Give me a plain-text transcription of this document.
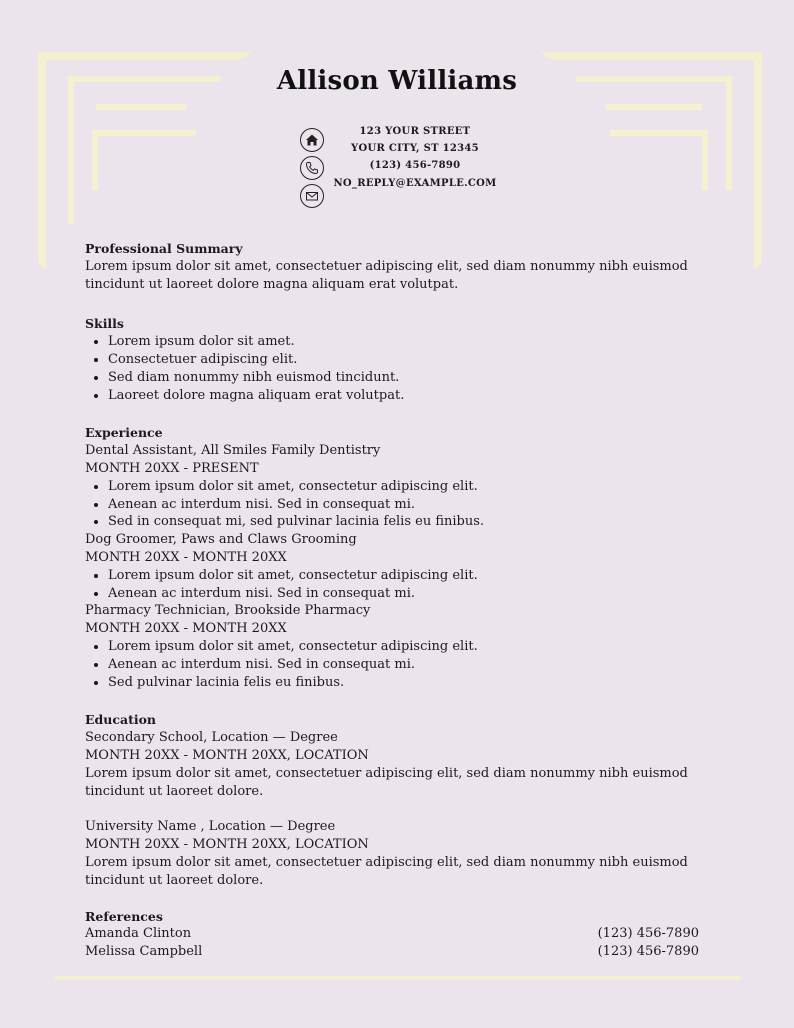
Allison Williams
123 YOUR STREET
YOUR CITY, ST 12345
(123) 456-7890
NO_REPLY@EXAMPLE.COM

Professional Summary

Lorem ipsum dolor sit amet, consectetuer adipiscing elit, sed diam nonummy nibh euismod tincidunt ut laoreet dolore magna aliquam erat volutpat.

Skills

• Lorem ipsum dolor sit amet.
• Consectetuer adipiscing elit.
• Sed diam nonummy nibh euismod tincidunt.
• Laoreet dolore magna aliquam erat volutpat.

Experience

Dental Assistant, All Smiles Family Dentistry

MONTH 20XX - PRESENT

• Lorem ipsum dolor sit amet, consectetur adipiscing elit.
• Aenean ac interdum nisi. Sed in consequat mi.
• Sed in consequat mi, sed pulvinar lacinia felis eu finibus.

Dog Groomer, Paws and Claws Grooming

MONTH 20XX - MONTH 20XX

• Lorem ipsum dolor sit amet, consectetur adipiscing elit.
• Aenean ac interdum nisi. Sed in consequat mi.

Pharmacy Technician, Brookside Pharmacy

MONTH 20XX - MONTH 20XX

• Lorem ipsum dolor sit amet, consectetur adipiscing elit.
• Aenean ac interdum nisi. Sed in consequat mi.
• Sed pulvinar lacinia felis eu finibus.

Education

Secondary School, Location — Degree

MONTH 20XX - MONTH 20XX, LOCATION

Lorem ipsum dolor sit amet, consectetuer adipiscing elit, sed diam nonummy nibh euismod tincidunt ut laoreet dolore.

University Name , Location — Degree

MONTH 20XX - MONTH 20XX, LOCATION

Lorem ipsum dolor sit amet, consectetuer adipiscing elit, sed diam nonummy nibh euismod tincidunt ut laoreet dolore.

References

Amanda Clinton	(123) 456-7890
Melissa Campbell	(123) 456-7890
